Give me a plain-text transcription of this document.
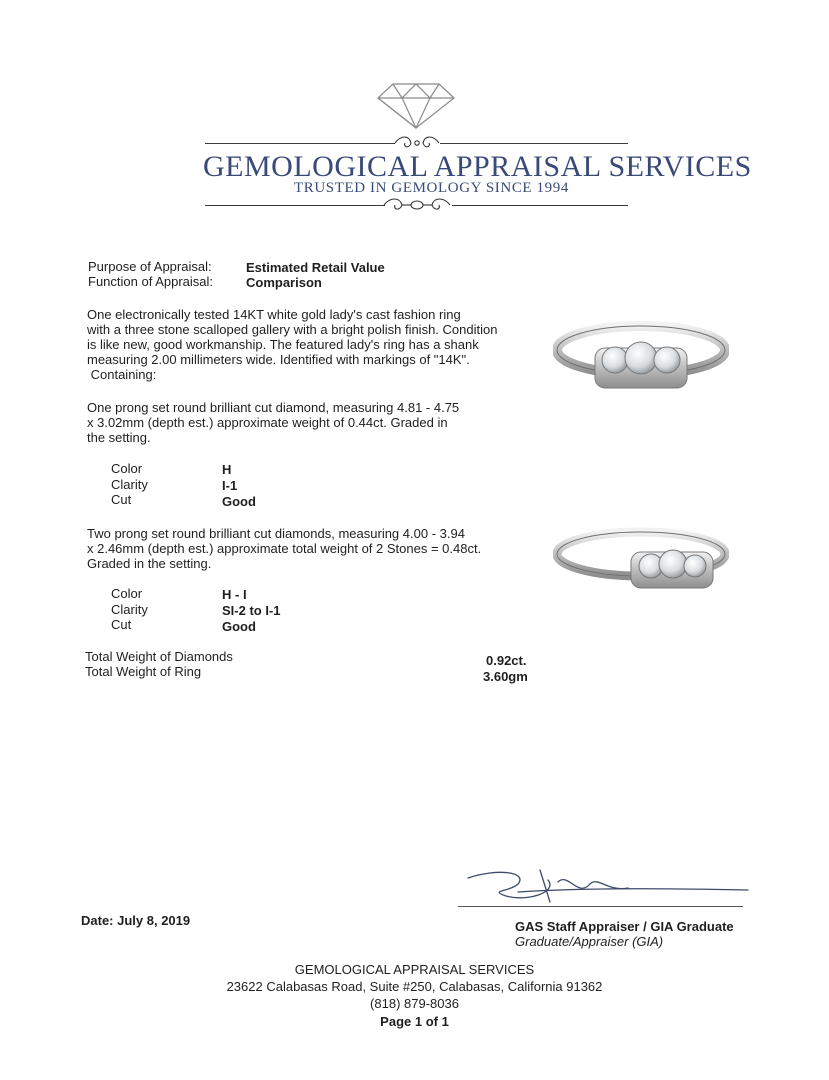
GEMOLOGICAL APPRAISAL SERVICES
TRUSTED IN GEMOLOGY SINCE 1994
Purpose of Appraisal:	Estimated Retail Value
Function of Appraisal:	Comparison
One electronically tested 14KT white gold lady's cast fashion ring
with a three stone scalloped gallery with a bright polish finish. Condition
is like new, good workmanship. The featured lady's ring has a shank
measuring 2.00 millimeters wide. Identified with markings of "14K".
Containing:
One prong set round brilliant cut diamond, measuring 4.81 - 4.75
x 3.02mm (depth est.) approximate weight of 0.44ct. Graded in
the setting.
Color	H
Clarity	I-1
Cut	Good
Two prong set round brilliant cut diamonds, measuring 4.00 - 3.94
x 2.46mm (depth est.) approximate total weight of 2 Stones = 0.48ct.
Graded in the setting.
Color	H - I
Clarity	SI-2 to I-1
Cut	Good
Total Weight of Diamonds	0.92ct.
Total Weight of Ring	3.60gm
GAS Staff Appraiser / GIA Graduate
Graduate/Appraiser (GIA)
Date: July 8, 2019
GEMOLOGICAL APPRAISAL SERVICES
23622 Calabasas Road, Suite #250, Calabasas, California 91362
(818) 879-8036
Page 1 of 1
